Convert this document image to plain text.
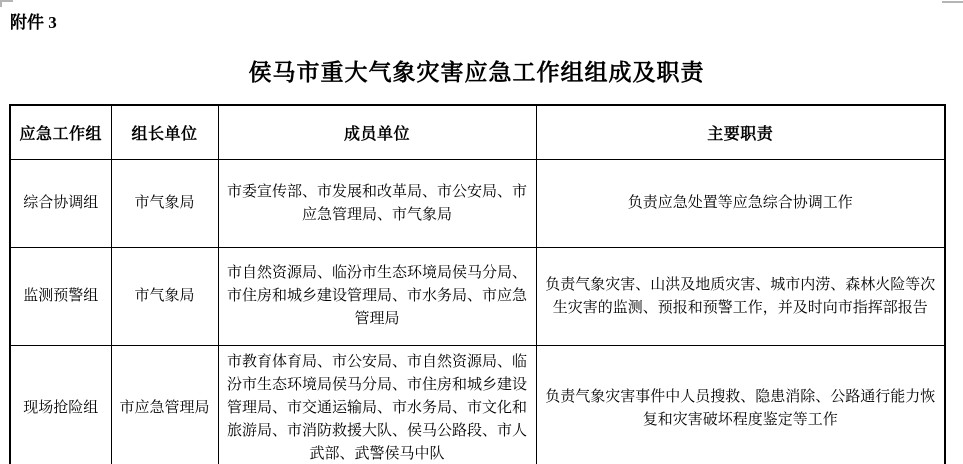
附件 3
侯马市重大气象灾害应急工作组组成及职责
应急工作组	组长单位	成员单位	主要职责
综合协调组	市气象局	市委宣传部、市发展和改革局、市公安局、市应急管理局、市气象局	负责应急处置等应急综合协调工作
监测预警组	市气象局	市自然资源局、临汾市生态环境局侯马分局、市住房和城乡建设管理局、市水务局、市应急管理局	负责气象灾害、山洪及地质灾害、城市内涝、森林火险等次生灾害的监测、预报和预警工作，并及时向市指挥部报告
现场抢险组	市应急管理局	市教育体育局、市公安局、市自然资源局、临汾市生态环境局侯马分局、市住房和城乡建设管理局、市交通运输局、市水务局、市文化和旅游局、市消防救援大队、侯马公路段、市人武部、武警侯马中队	负责气象灾害事件中人员搜救、隐患消除、公路通行能力恢复和灾害破坏程度鉴定等工作
